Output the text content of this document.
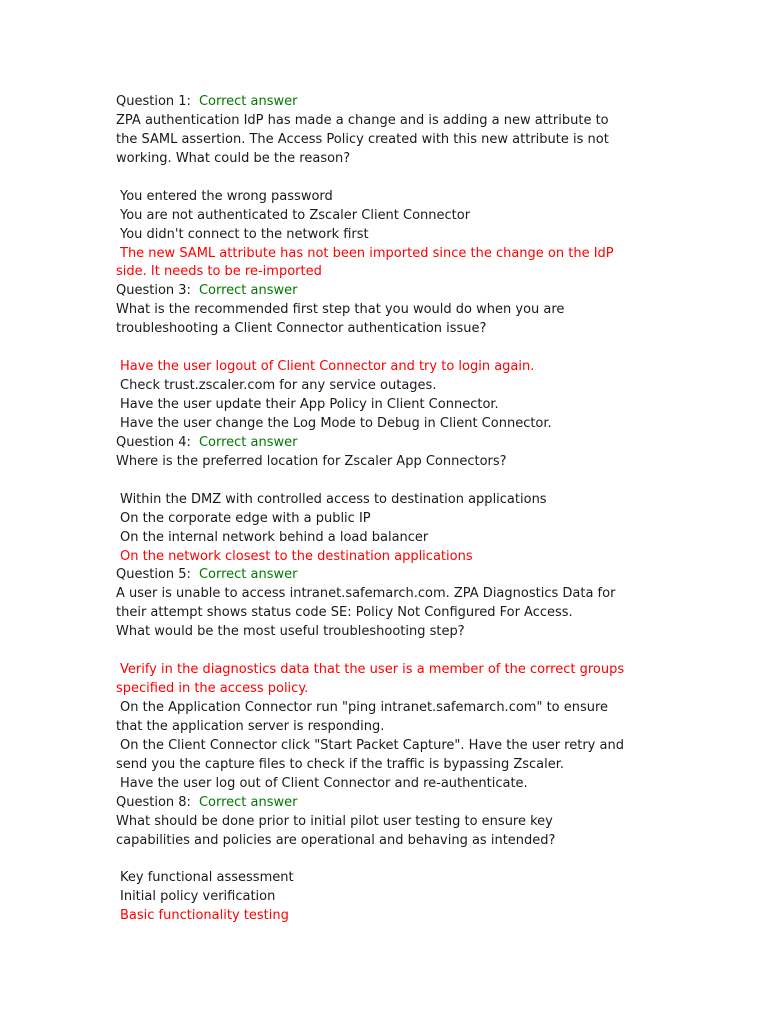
Question 1: Correct answer
ZPA authentication IdP has made a change and is adding a new attribute to
the SAML assertion. The Access Policy created with this new attribute is not
working. What could be the reason?
You entered the wrong password
You are not authenticated to Zscaler Client Connector
You didn't connect to the network first
The new SAML attribute has not been imported since the change on the IdP
side. It needs to be re-imported
Question 3: Correct answer
What is the recommended first step that you would do when you are
troubleshooting a Client Connector authentication issue?
Have the user logout of Client Connector and try to login again.
Check trust.zscaler.com for any service outages.
Have the user update their App Policy in Client Connector.
Have the user change the Log Mode to Debug in Client Connector.
Question 4: Correct answer
Where is the preferred location for Zscaler App Connectors?
Within the DMZ with controlled access to destination applications
On the corporate edge with a public IP
On the internal network behind a load balancer
On the network closest to the destination applications
Question 5: Correct answer
A user is unable to access intranet.safemarch.com. ZPA Diagnostics Data for
their attempt shows status code SE: Policy Not Configured For Access.
What would be the most useful troubleshooting step?
Verify in the diagnostics data that the user is a member of the correct groups
specified in the access policy.
On the Application Connector run "ping intranet.safemarch.com" to ensure
that the application server is responding.
On the Client Connector click "Start Packet Capture". Have the user retry and
send you the capture files to check if the traffic is bypassing Zscaler.
Have the user log out of Client Connector and re-authenticate.
Question 8: Correct answer
What should be done prior to initial pilot user testing to ensure key
capabilities and policies are operational and behaving as intended?
Key functional assessment
Initial policy verification
Basic functionality testing
